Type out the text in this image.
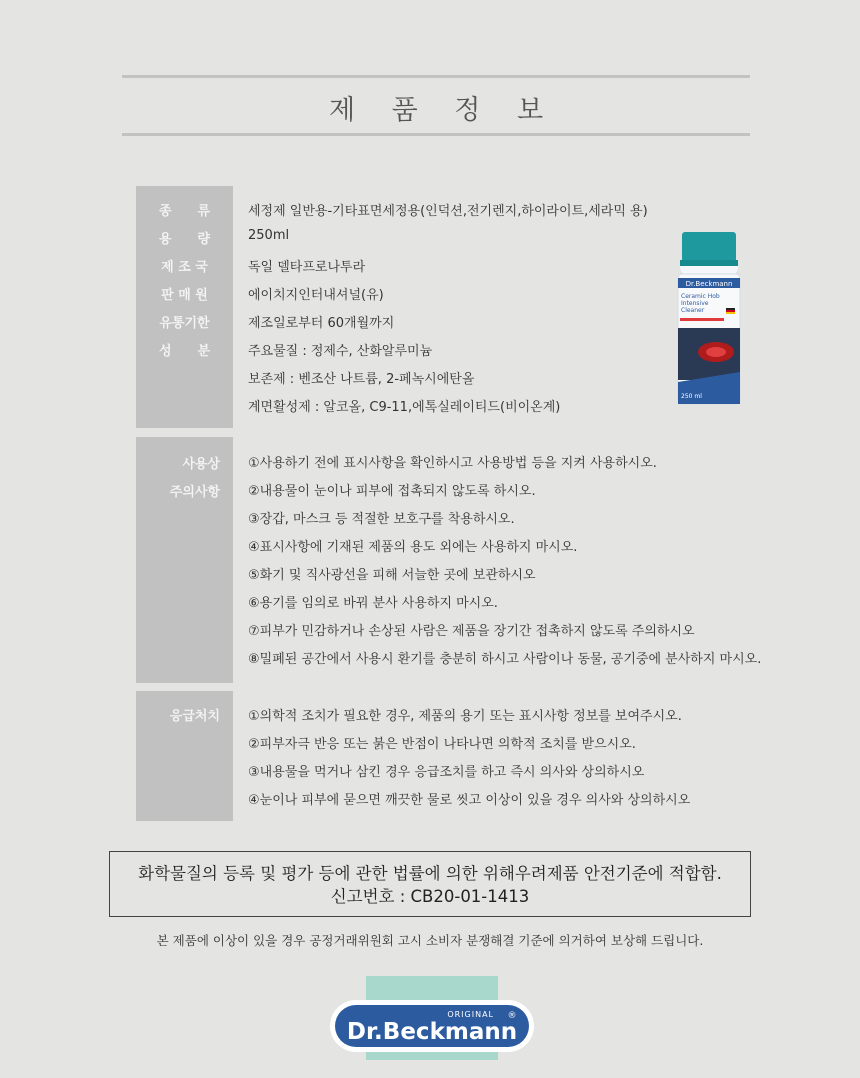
제 품 정 보
종　　류	세정제 일반용-기타표면세정용(인덕션,전기렌지,하이라이트,세라믹 용)
용　　량	250ml
제 조 국	독일 델타프로나투라
판 매 원	에이치지인터내셔널(유)
유통기한	제조일로부터 60개월까지
성　　분	주요물질 : 정제수, 산화알루미늄
보존제 : 벤조산 나트륨, 2-페녹시에탄올
계면활성제 : 알코올, C9-11,에톡실레이티드(비이온계)
Dr.Beckmann
Ceramic Hob
Intensive
Cleaner
250 ml
사용상
주의사항
①사용하기 전에 표시사항을 확인하시고 사용방법 등을 지켜 사용하시오.
②내용물이 눈이나 피부에 접촉되지 않도록 하시오.
③장갑, 마스크 등 적절한 보호구를 착용하시오.
④표시사항에 기재된 제품의 용도 외에는 사용하지 마시오.
⑤화기 및 직사광선을 피해 서늘한 곳에 보관하시오
⑥용기를 임의로 바꿔 분사 사용하지 마시오.
⑦피부가 민감하거나 손상된 사람은 제품을 장기간 접촉하지 않도록 주의하시오
⑧밀폐된 공간에서 사용시 환기를 충분히 하시고 사람이나 동물, 공기중에 분사하지 마시오.
응급처치 ①의학적 조치가 필요한 경우, 제품의 용기 또는 표시사항 정보를 보여주시오.
②피부자극 반응 또는 붉은 반점이 나타나면 의학적 조치를 받으시오.
③내용물을 먹거나 삼킨 경우 응급조치를 하고 즉시 의사와 상의하시오
④눈이나 피부에 묻으면 깨끗한 물로 씻고 이상이 있을 경우 의사와 상의하시오
화학물질의 등록 및 평가 등에 관한 법률에 의한 위해우려제품 안전기준에 적합함.
신고번호 : CB20-01-1413
본 제품에 이상이 있을 경우 공정거래위원회 고시 소비자 분쟁해결 기준에 의거하여 보상해 드립니다.
ORIGINAL ®
Dr.Beckmann
